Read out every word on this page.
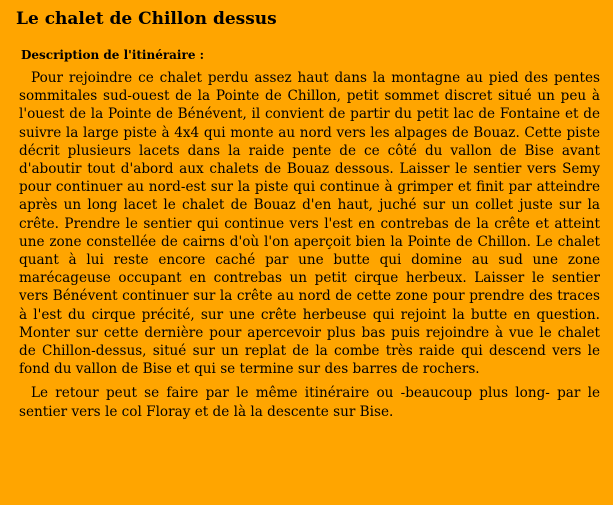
Le chalet de Chillon dessus
Description de l'itinéraire :

Pour rejoindre ce chalet perdu assez haut dans la montagne au pied des pentes sommitales sud-ouest de la Pointe de Chillon, petit sommet discret situé un peu à l'ouest de la Pointe de Bénévent, il convient de partir du petit lac de Fontaine et de suivre la large piste à 4x4 qui monte au nord vers les alpages de Bouaz. Cette piste décrit plusieurs lacets dans la raide pente de ce côté du vallon de Bise avant d'aboutir tout d'abord aux chalets de Bouaz dessous. Laisser le sentier vers Semy pour continuer au nord-est sur la piste qui continue à grimper et finit par atteindre après un long lacet le chalet de Bouaz d'en haut, juché sur un collet juste sur la crête. Prendre le sentier qui continue vers l'est en contrebas de la crête et atteint une zone constellée de cairns d'où l'on aperçoit bien la Pointe de Chillon. Le chalet quant à lui reste encore caché par une butte qui domine au sud une zone marécageuse occupant en contrebas un petit cirque herbeux. Laisser le sentier vers Bénévent continuer sur la crête au nord de cette zone pour prendre des traces à l'est du cirque précité, sur une crête herbeuse qui rejoint la butte en question. Monter sur cette dernière pour apercevoir plus bas puis rejoindre à vue le chalet de Chillon-dessus, situé sur un replat de la combe très raide qui descend vers le fond du vallon de Bise et qui se termine sur des barres de rochers.

Le retour peut se faire par le même itinéraire ou -beaucoup plus long- par le sentier vers le col Floray et de là la descente sur Bise.
